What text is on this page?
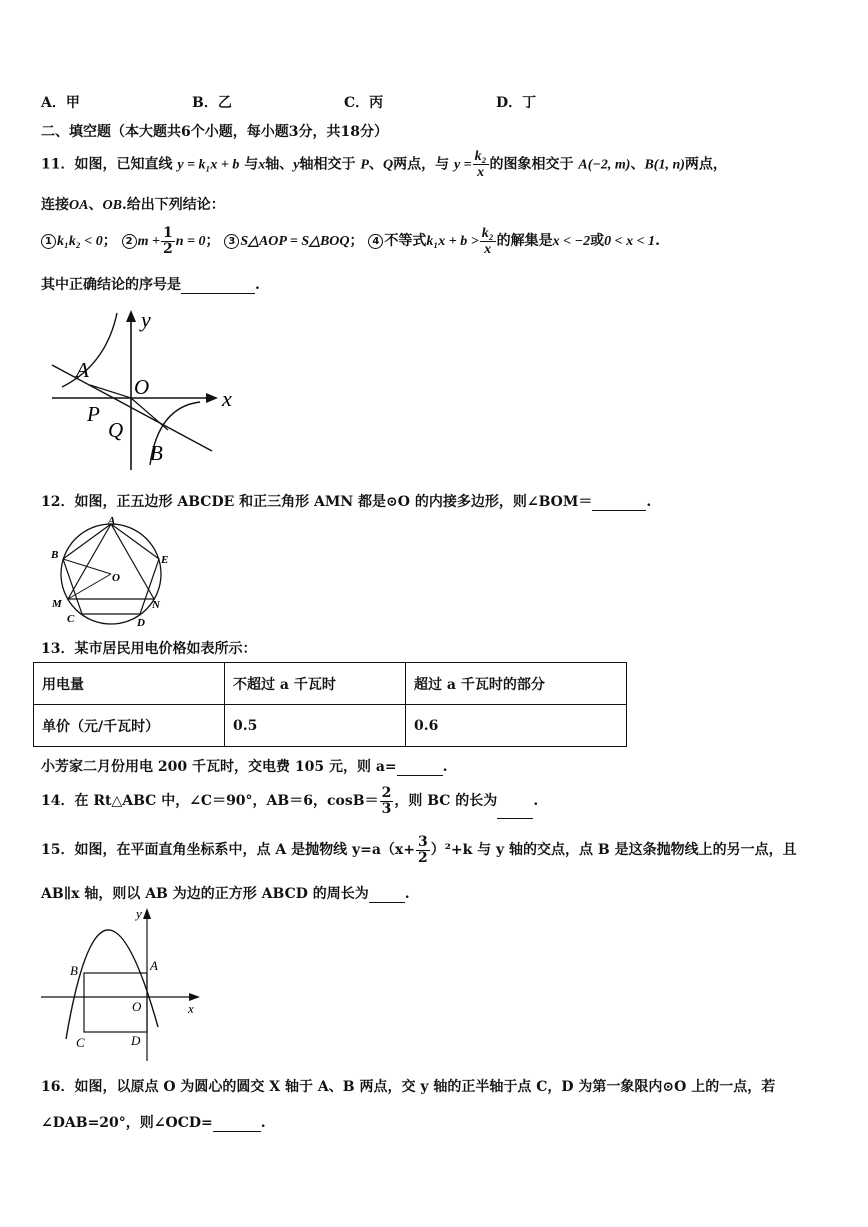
A．甲	B．乙	C．丙	D．丁
二、填空题（本大题共6个小题，每小题3分，共18分）
11．如图，已知直线 y = k₁x + b 与x轴、y轴相交于 P、Q两点，与 $y = \frac{\text{k₂}}{x}$ 的图象相交于 A(−2, m)、B(1, n)两点，
连接OA、OB.给出下列结论：
1 k₁k₂ < 0； 2 $m + \frac{1}{2}$ n = 0； 3 S△AOP = S△BOQ； 4 不等式$k_1x + b > \frac{\text{k₂}}{x}$ 的解集是x < −2或0 < x < 1.
其中正确结论的序号是	.
y
x
O
A
P
Q
B
12．如图，正五边形 ABCDE 和正三角形 AMN 都是⊙O 的内接多边形，则∠BOM＝	.
A
B	E
M	N
C	D
O
13．某市居民用电价格如表所示：
用电量	不超过 a 千瓦时	超过 a 千瓦时的部分
单价（元/千瓦时）	0.5	0.6
小芳家二月份用电 200 千瓦时，交电费 105 元，则 a=	.
14．在 Rt△ABC 中，∠C＝90°，AB＝6，$\cos B= \frac{2}{3}$ ，则 BC 的长为	.
15．如图，在平面直角坐标系中，点 A 是抛物线 $y=a(x+ \frac{3}{2} )^2+k$ 与 y 轴的交点，点 B 是这条抛物线上的另一点，且
AB∥x 轴，则以 AB 为边的正方形 ABCD 的周长为	.
y
x
O
A
B
C	D
16．如图，以原点 O 为圆心的圆交 X 轴于 A、B 两点，交 y 轴的正半轴于点 C，D 为第一象限内⊙O 上的一点，若
∠DAB=20°，则∠OCD=	.
